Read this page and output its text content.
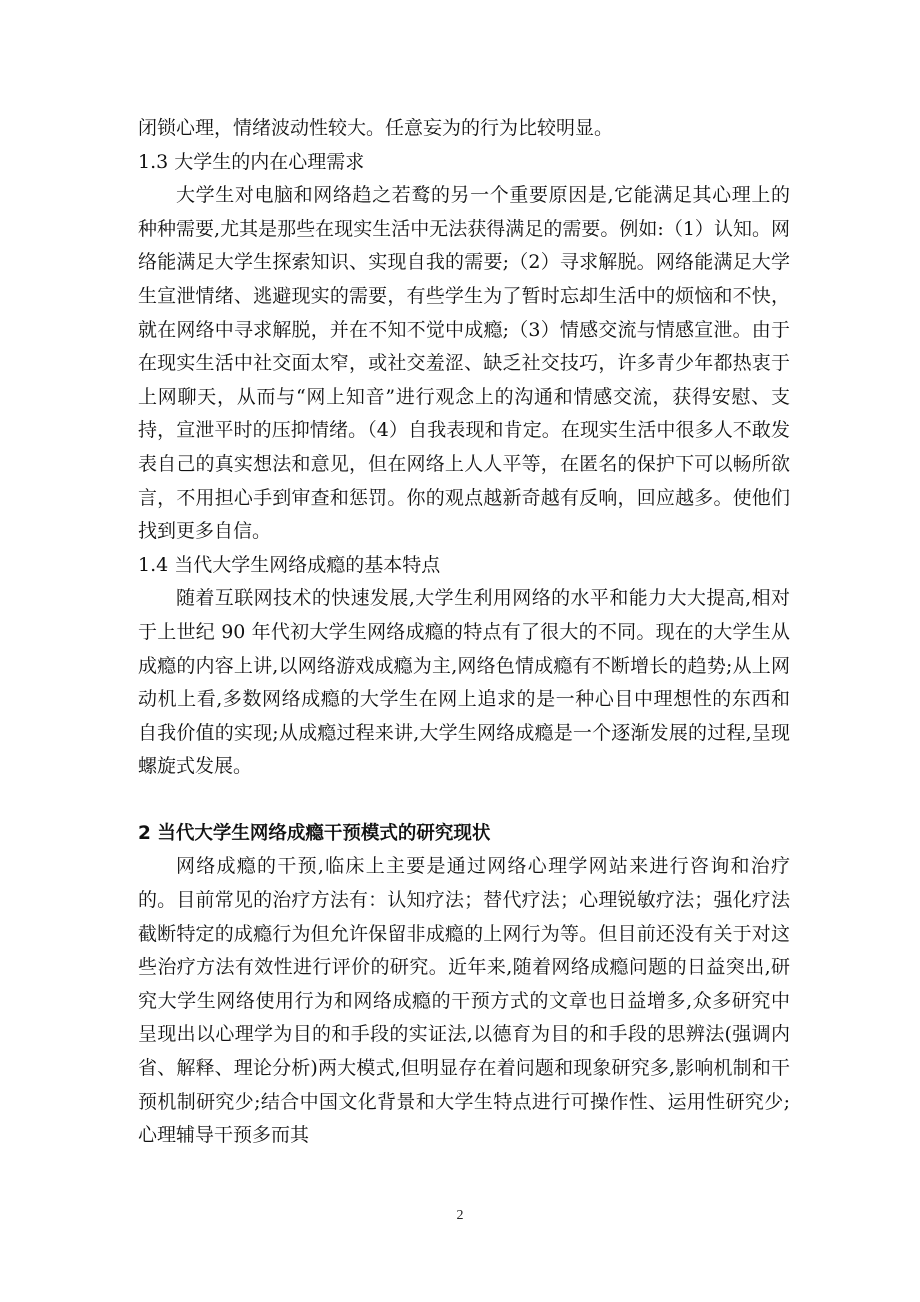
闭锁心理，情绪波动性较大。任意妄为的行为比较明显。

1.3 大学生的内在心理需求

大学生对电脑和网络趋之若鹜的另一个重要原因是,它能满足其心理上的种种需要,尤其是那些在现实生活中无法获得满足的需要。例如:（1）认知。网络能满足大学生探索知识、实现自我的需要;（2）寻求解脱。网络能满足大学生宣泄情绪、逃避现实的需要，有些学生为了暂时忘却生活中的烦恼和不快，就在网络中寻求解脱，并在不知不觉中成瘾;（3）情感交流与情感宣泄。由于在现实生活中社交面太窄，或社交羞涩、缺乏社交技巧，许多青少年都热衷于上网聊天，从而与“网上知音”进行观念上的沟通和情感交流，获得安慰、支持，宣泄平时的压抑情绪。（4）自我表现和肯定。在现实生活中很多人不敢发表自己的真实想法和意见，但在网络上人人平等，在匿名的保护下可以畅所欲言，不用担心手到审查和惩罚。你的观点越新奇越有反响，回应越多。使他们找到更多自信。

1.4 当代大学生网络成瘾的基本特点

随着互联网技术的快速发展,大学生利用网络的水平和能力大大提高,相对于上世纪 90 年代初大学生网络成瘾的特点有了很大的不同。现在的大学生从成瘾的内容上讲,以网络游戏成瘾为主,网络色情成瘾有不断增长的趋势;从上网动机上看,多数网络成瘾的大学生在网上追求的是一种心目中理想性的东西和自我价值的实现;从成瘾过程来讲,大学生网络成瘾是一个逐渐发展的过程,呈现螺旋式发展。

2 当代大学生网络成瘾干预模式的研究现状

网络成瘾的干预,临床上主要是通过网络心理学网站来进行咨询和治疗的。目前常见的治疗方法有：认知疗法；替代疗法；心理锐敏疗法；强化疗法截断特定的成瘾行为但允许保留非成瘾的上网行为等。但目前还没有关于对这些治疗方法有效性进行评价的研究。近年来,随着网络成瘾问题的日益突出,研究大学生网络使用行为和网络成瘾的干预方式的文章也日益增多,众多研究中呈现出以心理学为目的和手段的实证法,以德育为目的和手段的思辨法(强调内省、解释、理论分析)两大模式,但明显存在着问题和现象研究多,影响机制和干预机制研究少;结合中国文化背景和大学生特点进行可操作性、运用性研究少;心理辅导干预多而其

2
